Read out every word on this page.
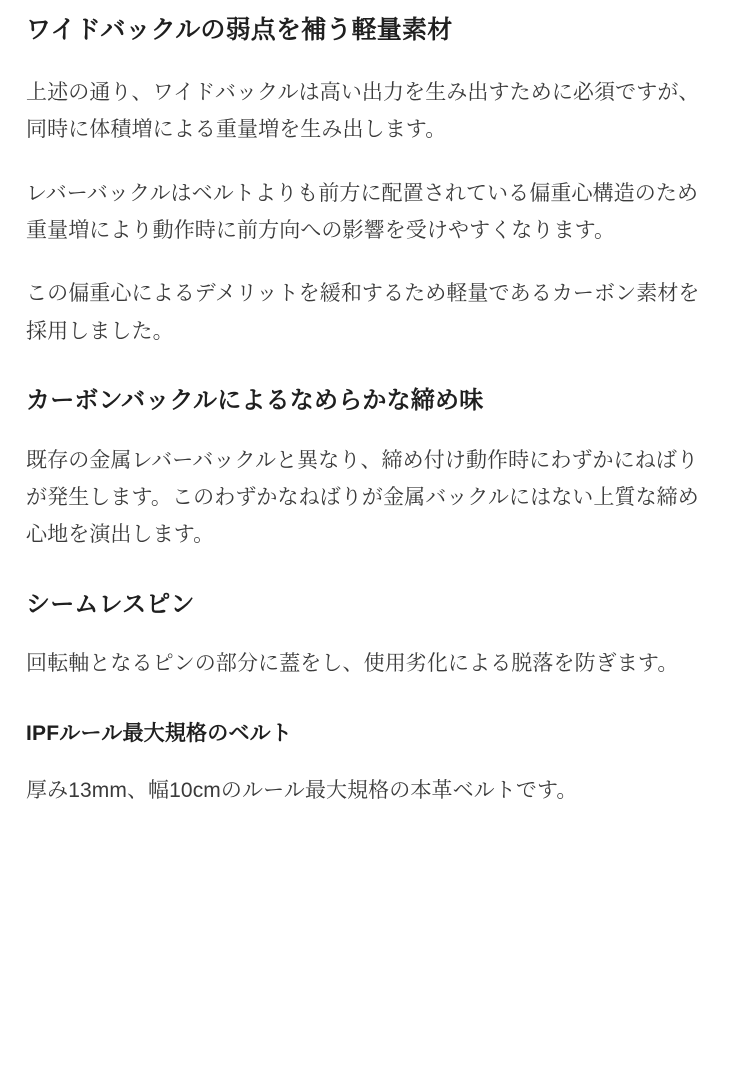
ワイドバックルの弱点を補う軽量素材

上述の通り、ワイドバックルは高い出力を生み出すために必須ですが、同時に体積増による重量増を生み出します。

レバーバックルはベルトよりも前方に配置されている偏重心構造のため重量増により動作時に前方向への影響を受けやすくなります。

この偏重心によるデメリットを緩和するため軽量であるカーボン素材を採用しました。

カーボンバックルによるなめらかな締め味

既存の金属レバーバックルと異なり、締め付け動作時にわずかにねばりが発生します。このわずかなねばりが金属バックルにはない上質な締め心地を演出します。

シームレスピン

回転軸となるピンの部分に蓋をし、使用劣化による脱落を防ぎます。

IPFルール最大規格のベルト

厚み13mm、幅10cmのルール最大規格の本革ベルトです。
